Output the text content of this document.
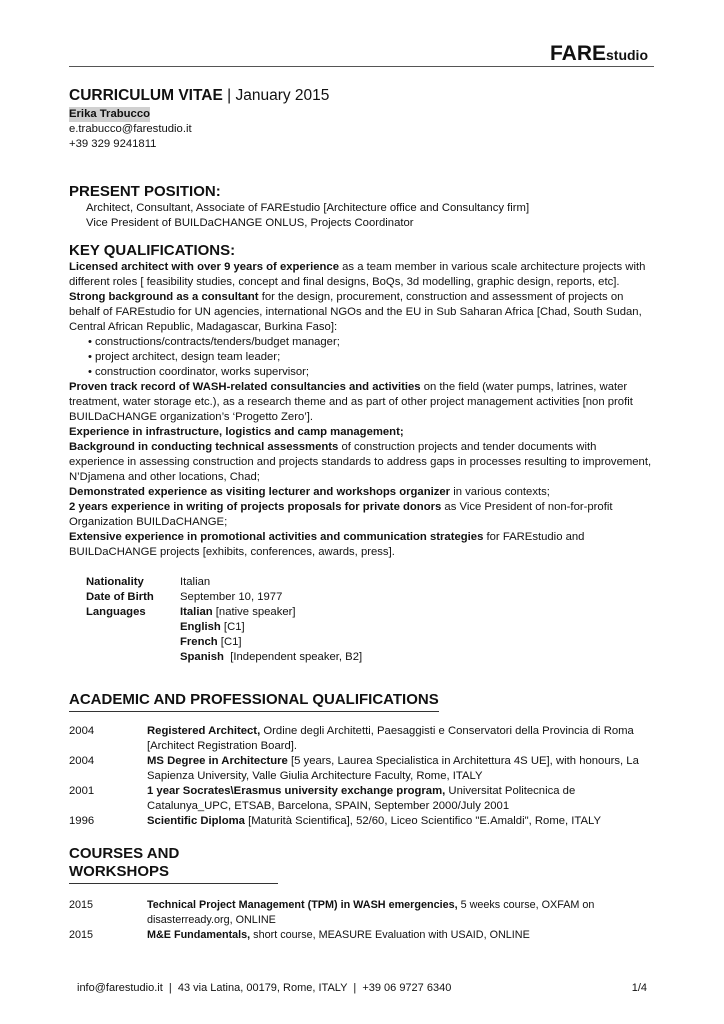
FAREstudio

CURRICULUM VITAE | January 2015

Erika Trabucco

e.trabucco@farestudio.it

+39 329 9241811

PRESENT POSITION:

Architect, Consultant, Associate of FAREstudio [Architecture office and Consultancy firm]

Vice President of BUILDaCHANGE ONLUS, Projects Coordinator

KEY QUALIFICATIONS:

Licensed architect with over 9 years of experience as a team member in various scale architecture projects with different roles [ feasibility studies, concept and final designs, BoQs, 3d modelling, graphic design, reports, etc].

Strong background as a consultant for the design, procurement, construction and assessment of projects on behalf of FAREstudio for UN agencies, international NGOs and the EU in Sub Saharan Africa [Chad, South Sudan, Central African Republic, Madagascar, Burkina Faso]:

• constructions/contracts/tenders/budget manager;
• project architect, design team leader;
• construction coordinator, works supervisor;

Proven track record of WASH-related consultancies and activities on the field (water pumps, latrines, water treatment, water storage etc.), as a research theme and as part of other project management activities [non profit BUILDaCHANGE organization’s ‘Progetto Zero’].

Experience in infrastructure, logistics and camp management;

Background in conducting technical assessments of construction projects and tender documents with experience in assessing construction and projects standards to address gaps in processes resulting to improvement, N’Djamena and other locations, Chad;

Demonstrated experience as visiting lecturer and workshops organizer in various contexts;

2 years experience in writing of projects proposals for private donors as Vice President of non-for-profit Organization BUILDaCHANGE;

Extensive experience in promotional activities and communication strategies for FAREstudio and BUILDaCHANGE projects [exhibits, conferences, awards, press].

Nationality	Italian
Date of Birth	September 10, 1977
Languages	Italian [native speaker]
English [C1]
French [C1]
Spanish  [Independent speaker, B2]
ACADEMIC AND PROFESSIONAL QUALIFICATIONS
2004	Registered Architect, Ordine degli Architetti, Paesaggisti e Conservatori della Provincia di Roma [Architect Registration Board].
2004	MS Degree in Architecture [5 years, Laurea Specialistica in Architettura 4S UE], with honours, La Sapienza University, Valle Giulia Architecture Faculty, Rome, ITALY
2001	1 year Socrates\Erasmus university exchange program, Universitat Politecnica de Catalunya_UPC, ETSAB, Barcelona, SPAIN, September 2000/July 2001
1996	Scientific Diploma [Maturità Scientifica], 52/60, Liceo Scientifico "E.Amaldi", Rome, ITALY
COURSES AND WORKSHOPS
2015	Technical Project Management (TPM) in WASH emergencies, 5 weeks course, OXFAM on disasterready.org, ONLINE
2015	M&E Fundamentals, short course, MEASURE Evaluation with USAID, ONLINE
info@farestudio.it  |  43 via Latina, 00179, Rome, ITALY  |  +39 06 9727 6340	1/4
